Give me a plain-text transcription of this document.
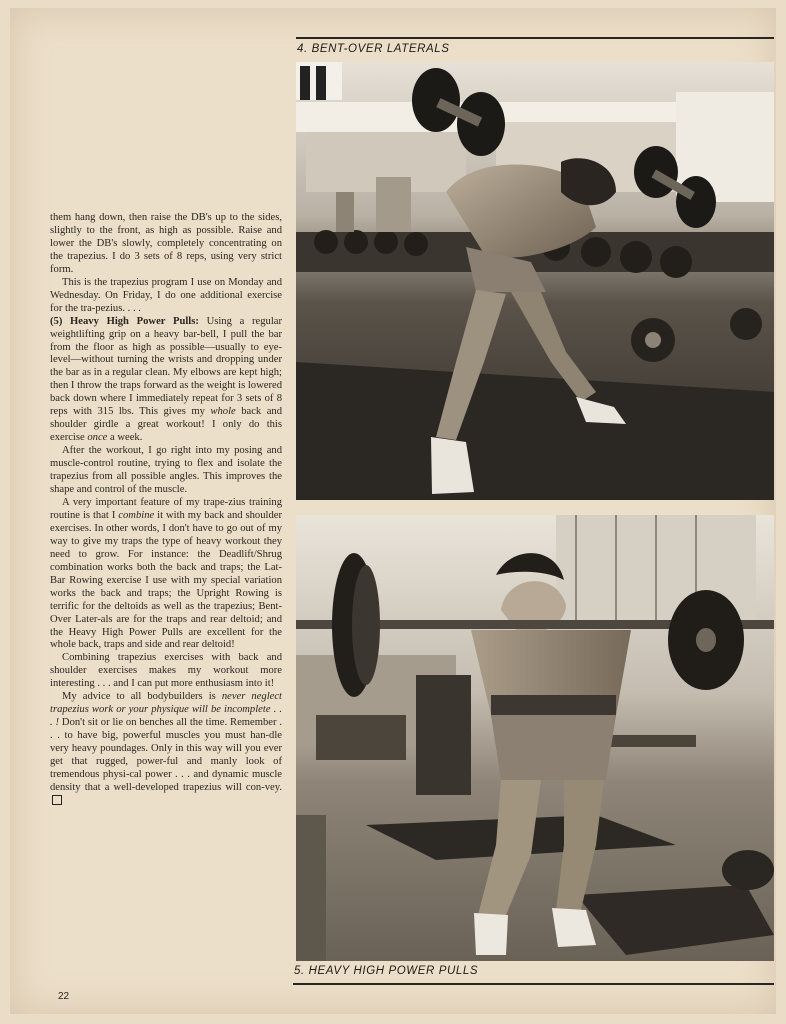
4. BENT-OVER LATERALS
5. HEAVY HIGH POWER PULLS

them hang down, then raise the DB's up to the sides, slightly to the front, as high as possible. Raise and lower the DB's slowly, completely concentrating on the trapezius. I do 3 sets of 8 reps, using very strict form.

This is the trapezius program I use on Monday and Wednesday. On Friday, I do one additional exercise for the tra-pezius. . . .

(5) Heavy High Power Pulls: Using a regular weightlifting grip on a heavy bar-bell, I pull the bar from the floor as high as possible—usually to eye-level—without turning the wrists and dropping under the bar as in a regular clean. My elbows are kept high; then I throw the traps forward as the weight is lowered back down where I immediately repeat for 3 sets of 8 reps with 315 lbs. This gives my whole back and shoulder girdle a great workout! I only do this exercise once a week.

After the workout, I go right into my posing and muscle-control routine, trying to flex and isolate the trapezius from all possible angles. This improves the shape and control of the muscle.

A very important feature of my trape-zius training routine is that I combine it with my back and shoulder exercises. In other words, I don't have to go out of my way to give my traps the type of heavy workout they need to grow. For instance: the Deadlift/Shrug combination works both the back and traps; the Lat-Bar Rowing exercise I use with my special variation works the back and traps; the Upright Rowing is terrific for the deltoids as well as the trapezius; Bent-Over Later-als are for the traps and rear deltoid; and the Heavy High Power Pulls are excellent for the whole back, traps and side and rear deltoid!

Combining trapezius exercises with back and shoulder exercises makes my workout more interesting . . . and I can put more enthusiasm into it!

My advice to all bodybuilders is never neglect trapezius work or your physique will be incomplete . . . ! Don't sit or lie on benches all the time. Remember . . . to have big, powerful muscles you must han-dle very heavy poundages. Only in this way will you ever get that rugged, power-ful and manly look of tremendous physi-cal power . . . and dynamic muscle density that a well-developed trapezius will con-vey.

22
